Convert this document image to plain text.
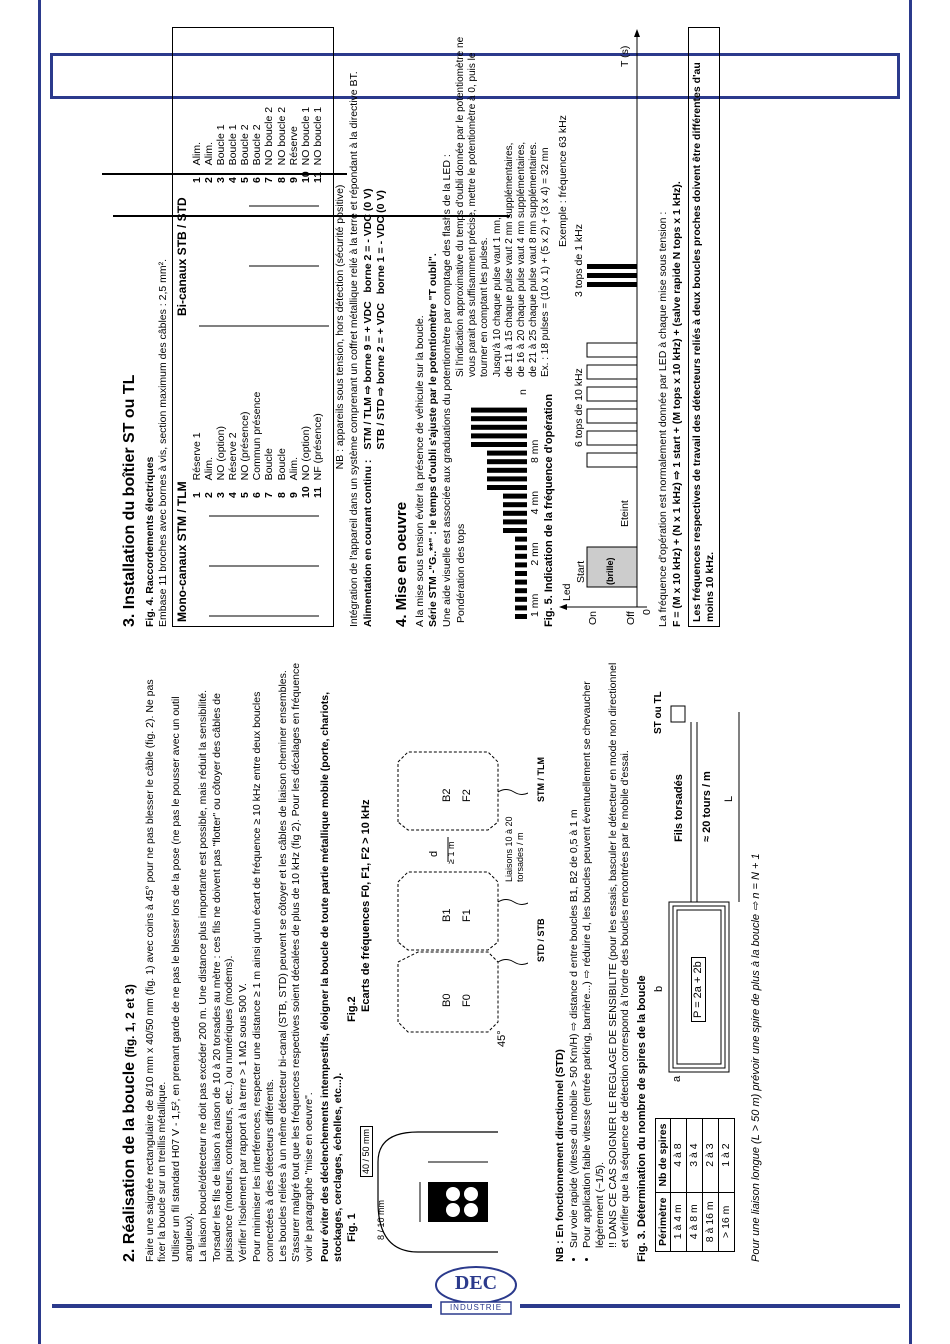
2. Réalisation de la boucle (fig. 1, 2 et 3) Faire une saignée rectangulaire de 8/10 mm x 40/50 mm (fig. 1) avec coins à 45° pour ne pas blesser le câble (fig. 2). Ne pas fixer la boucle sur un treillis métallique. Utiliser un fil standard H07 V - 1,5², en prenant garde de ne pas le blesser lors de la pose (ne pas le pousser avec un outil anguleux). La liaison boucle/détecteur ne doit pas excéder 200 m. Une distance plus importante est possible, mais réduit la sensibilité. Torsader les fils de liaison à raison de 10 à 20 torsades au mètre : ces fils ne doivent pas "flotter" ou côtoyer des câbles de puissance (moteurs, contacteurs, etc..) ou numériques (modems). Vérifier l'isolement par rapport à la terre > 1 MΩ sous 500 V. Pour minimiser les interférences, respecter une distance ≥ 1 m ainsi qu'un écart de fréquence ≥ 10 kHz entre deux boucles connectées à des détecteurs différents. Les boucles reliées à un même détecteur bi-canal (STB, STD) peuvent se côtoyer et les câbles de liaison cheminer ensembles. S'assurer malgré tout que les fréquences respectives soient décalées de plus de 10 kHz (fig 2). Pour les décalages en fréquence voir le paragraphe "mise en oeuvre". Pour éviter des déclenchements intempestifs, éloigner la boucle de toute partie métallique mobile (porte, chariots, stockages, cerclages, échelles, etc...). Fig. 1
Fig.2
8 / 10 mm
40 / 50 mm
Ecarts de fréquences F0, F1, F2 > 10 kHz	B0 F0
B1 F1
B2 F2
d ≥ 1 m
45°
Liaisons 10 à 20 torsades / m
STD / STB
STM / TLM

NB : En fonctionnement directionnel (STD) • Sur voie rapide (vitesse du mobile > 50 Km/H) ⇨ distance d entre boucles B1, B2 de 0,5 à 1 m • Pour application faible vitesse (entrée parking, barrière...) ⇨ réduire d, les boucles peuvent éventuellement se chevaucher légèrement (~1/5). !! DANS CE CAS SOIGNER LE REGLAGE DE SENSIBILITE (pour les essais, basculer le détecteur en mode non directionnel et vérifier que la séquence de détection correspond à l'ordre des boucles rencontrées par le mobile d'essai. Fig. 3. Détermination du nombre de spires de la boucle Périmètre	Nb de spires
1 à 4 m	4 à 8
4 à 8 m	3 à 4
8 à 16 m	2 à 3
> 16 m	1 à 2
a
b P = 2a + 2b
Fils torsadés ≈ 20 tours / m
ST ou TL
L

Pour une liaison longue (L > 50 m) prévoir une spire de plus à la boucle ⇨ n = N + 1

3. Installation du boîtier ST ou TL Fig. 4. Raccordements électriques Embase 11 broches avec bornes à vis, section maximum des câbles : 2,5 mm². Mono-canaux STM / TLM
Bi-canaux STB / STD
1	Réserve 1
2	Alim.
3	NO (option)
4	Réserve 2
5	NO (présence)
6	Commun présence
7	Boucle
8	Boucle
9	Alim.
10	NO (option)
11	NF (présence)
1	Alim.
2	Alim.
3	Boucle 1
4	Boucle 1
5	Boucle 2
6	Boucle 2
7	NO boucle 2
8	NO boucle 2
9	Réserve
10	NO boucle 1
11	NO boucle 1

NB : appareils sous tension, hors détection (sécurité positive) Intégration de l'appareil dans un système comprenant un coffret métallique relié à la terre et répondant à la directive BT. Alimentation en courant continu :
STM / TLM ⇨ borne 9 = + VDC   borne 2 = - VDC (0 V)
STB / STD ⇨ borne 2 = + VDC   borne 1 = - VDC (0 V)
4. Mise en oeuvre A la mise sous tension éviter la présence de véhicule sur la boucle. Série STM -"G..**" : le temps d'oubli s'ajuste par le potentiomètre "T oubli". Une aide visuelle est associée aux graduations du potentiomètre par comptage des flashs de la LED : Pondération des tops	1 mn
2 mn
4 mn
8 mn
n
Si l'indication approximative du temps d'oubli donnée par le potentiomètre ne vous parait pas suffisamment précise, mettre le potentiomètre à 0, puis le tourner en comptant les pulses. Jusqu'à 10 chaque pulse vaut 1 mn, de 11 à 15 chaque pulse vaut 2 mn supplémentaires, de 16 à 20 chaque pulse vaut 4 mn supplémentaires, de 21 à 25 chaque pulse vaut 8 mn supplémentaires. Ex. : 18 pulses = (10 x 1) + (5 x 2) + (3 x 4) = 32 mn

Fig. 5. Indication de la fréquence d'opération Led
On Off 0
Start (brille)
Eteint
6 tops de 10 kHz
3 tops de 1 kHz
Exemple : fréquence 63 kHz
T (s)

La fréquence d'opération est normalement donnée par LED à chaque mise sous tension : F = (M x 10 kHz) + (N x 1 kHz) ⇨ 1 start + (M tops x 10 kHz) + (salve rapide N tops x 1 kHz). Les fréquences respectives de travail des détecteurs reliés à deux boucles proches doivent être différentes d'au moins 10 kHz.

DEC
INDUSTRIE
